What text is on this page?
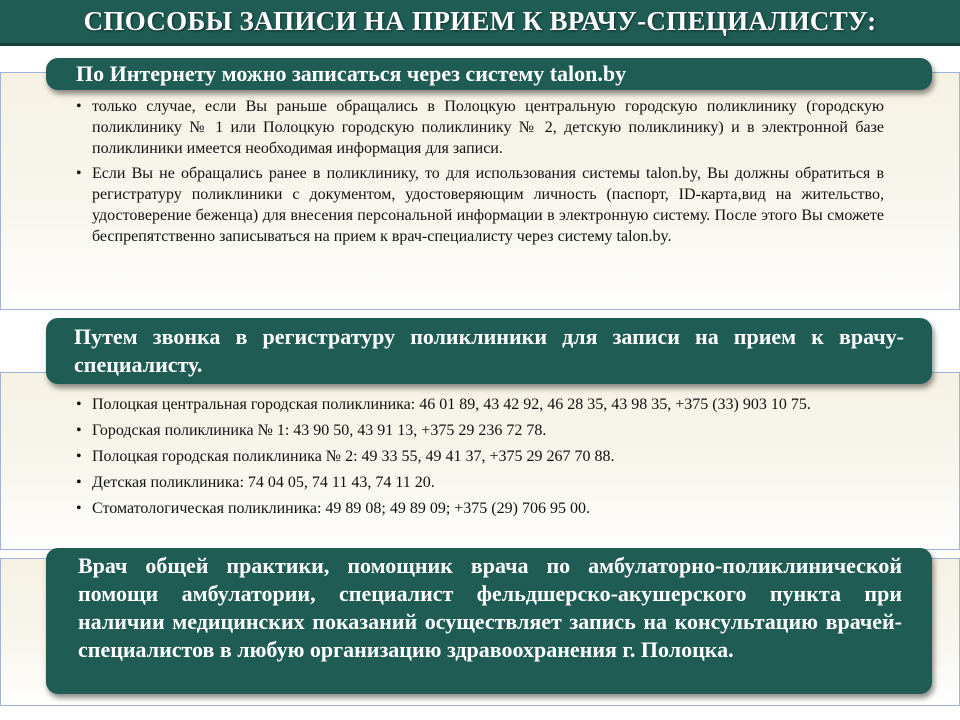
СПОСОБЫ ЗАПИСИ НА ПРИЕМ К ВРАЧУ-СПЕЦИАЛИСТУ:
По Интернету можно записаться через систему talon.by
• только случае, если Вы раньше обращались в Полоцкую центральную городскую поликлинику (городскую поликлинику № 1 или Полоцкую городскую поликлинику № 2, детскую поликлинику) и в электронной базе поликлиники имеется необходимая информация для записи.
• Если Вы не обращались ранее в поликлинику, то для использования системы talon.by, Вы должны обратиться в регистратуру поликлиники с документом, удостоверяющим личность (паспорт, ID-карта,вид на жительство, удостоверение беженца) для внесения персональной информации в электронную систему. После этого Вы сможете беспрепятственно записываться на прием к врач-специалисту через систему talon.by.
Путем звонка в регистратуру поликлиники для записи на прием к врачу-специалисту.
• Полоцкая центральная городская поликлиника: 46 01 89, 43 42 92, 46 28 35, 43 98 35, +375 (33) 903 10 75.
• Городская поликлиника № 1: 43 90 50, 43 91 13, +375 29 236 72 78.
• Полоцкая городская поликлиника № 2: 49 33 55, 49 41 37, +375 29 267 70 88.
• Детская поликлиника: 74 04 05, 74 11 43, 74 11 20.
• Стоматологическая поликлиника: 49 89 08; 49 89 09; +375 (29) 706 95 00.
Врач общей практики, помощник врача по амбулаторно-поликлинической помощи амбулатории, специалист фельдшерско-акушерского пункта при наличии медицинских показаний осуществляет запись на консультацию врачей-специалистов в любую организацию здравоохранения г. Полоцка.
